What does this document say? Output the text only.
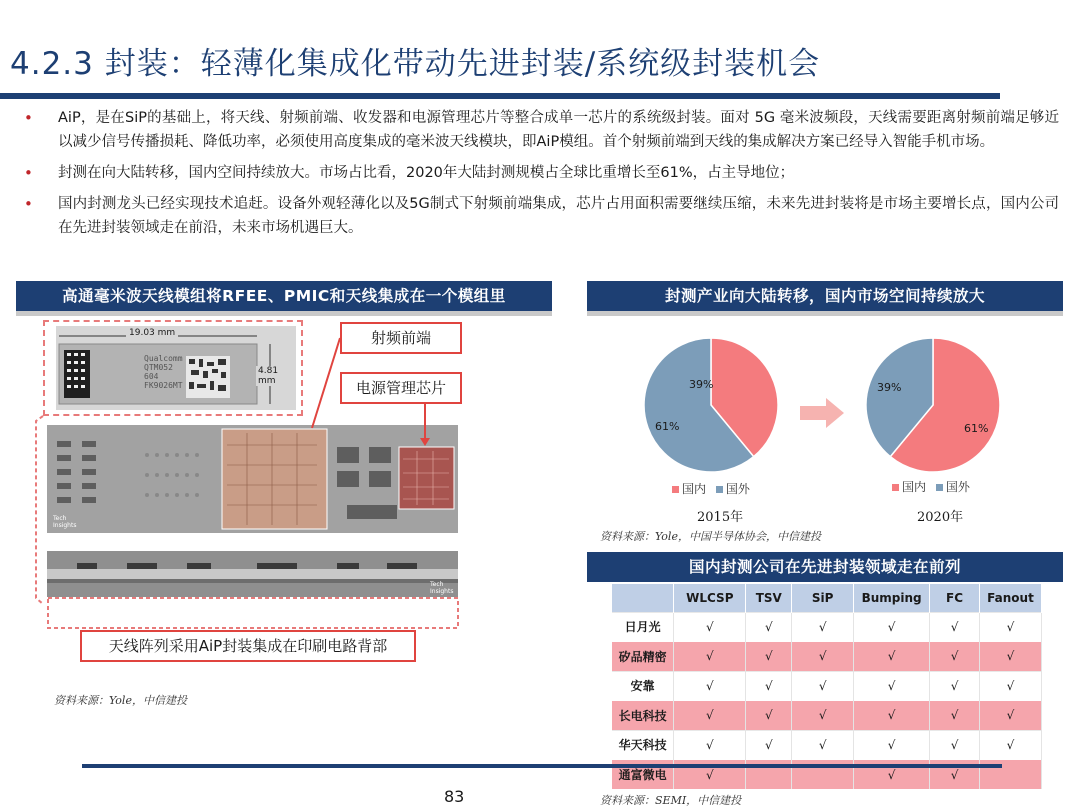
4.2.3 封装：轻薄化集成化带动先进封装/系统级封装机会
• AiP，是在SiP的基础上，将天线、射频前端、收发器和电源管理芯片等整合成单一芯片的系统级封装。面对 5G 毫米波频段，天线需要距离射频前端足够近以减少信号传播损耗、降低功率，必须使用高度集成的毫米波天线模块，即AiP模组。首个射频前端到天线的集成解决方案已经导入智能手机市场。
• 封测在向大陆转移，国内空间持续放大。市场占比看，2020年大陆封测规模占全球比重增长至61%，占主导地位；
• 国内封测龙头已经实现技术追赶。设备外观轻薄化以及5G制式下射频前端集成，芯片占用面积需要继续压缩，未来先进封装将是市场主要增长点，国内公司在先进封装领域走在前沿，未来市场机遇巨大。
高通毫米波天线模组将RFEE、PMIC和天线集成在一个模组里
19.03 mm
4.81 mm
Qualcomm
QTM052
604
FK9026MT
Tech Insights
Tech Insights
射频前端
电源管理芯片
天线阵列采用AiP封装集成在印刷电路背部
资料来源：Yole，中信建投
封测产业向大陆转移，国内市场空间持续放大
39%
61%	61%
39%
国内 国外	国内 国外
2015年	2020年
资料来源：Yole，中国半导体协会，中信建投
国内封测公司在先进封装领域走在前列
	WLCSP	TSV	SiP	Bumping	FC	Fanout
日月光	√	√	√	√	√	√
矽品精密	√	√	√	√	√	√
安靠	√	√	√	√	√	√
长电科技	√	√	√	√	√	√
华天科技	√	√	√	√	√	√
通富微电	√			√	√	
83	资料来源：SEMI，中信建投
